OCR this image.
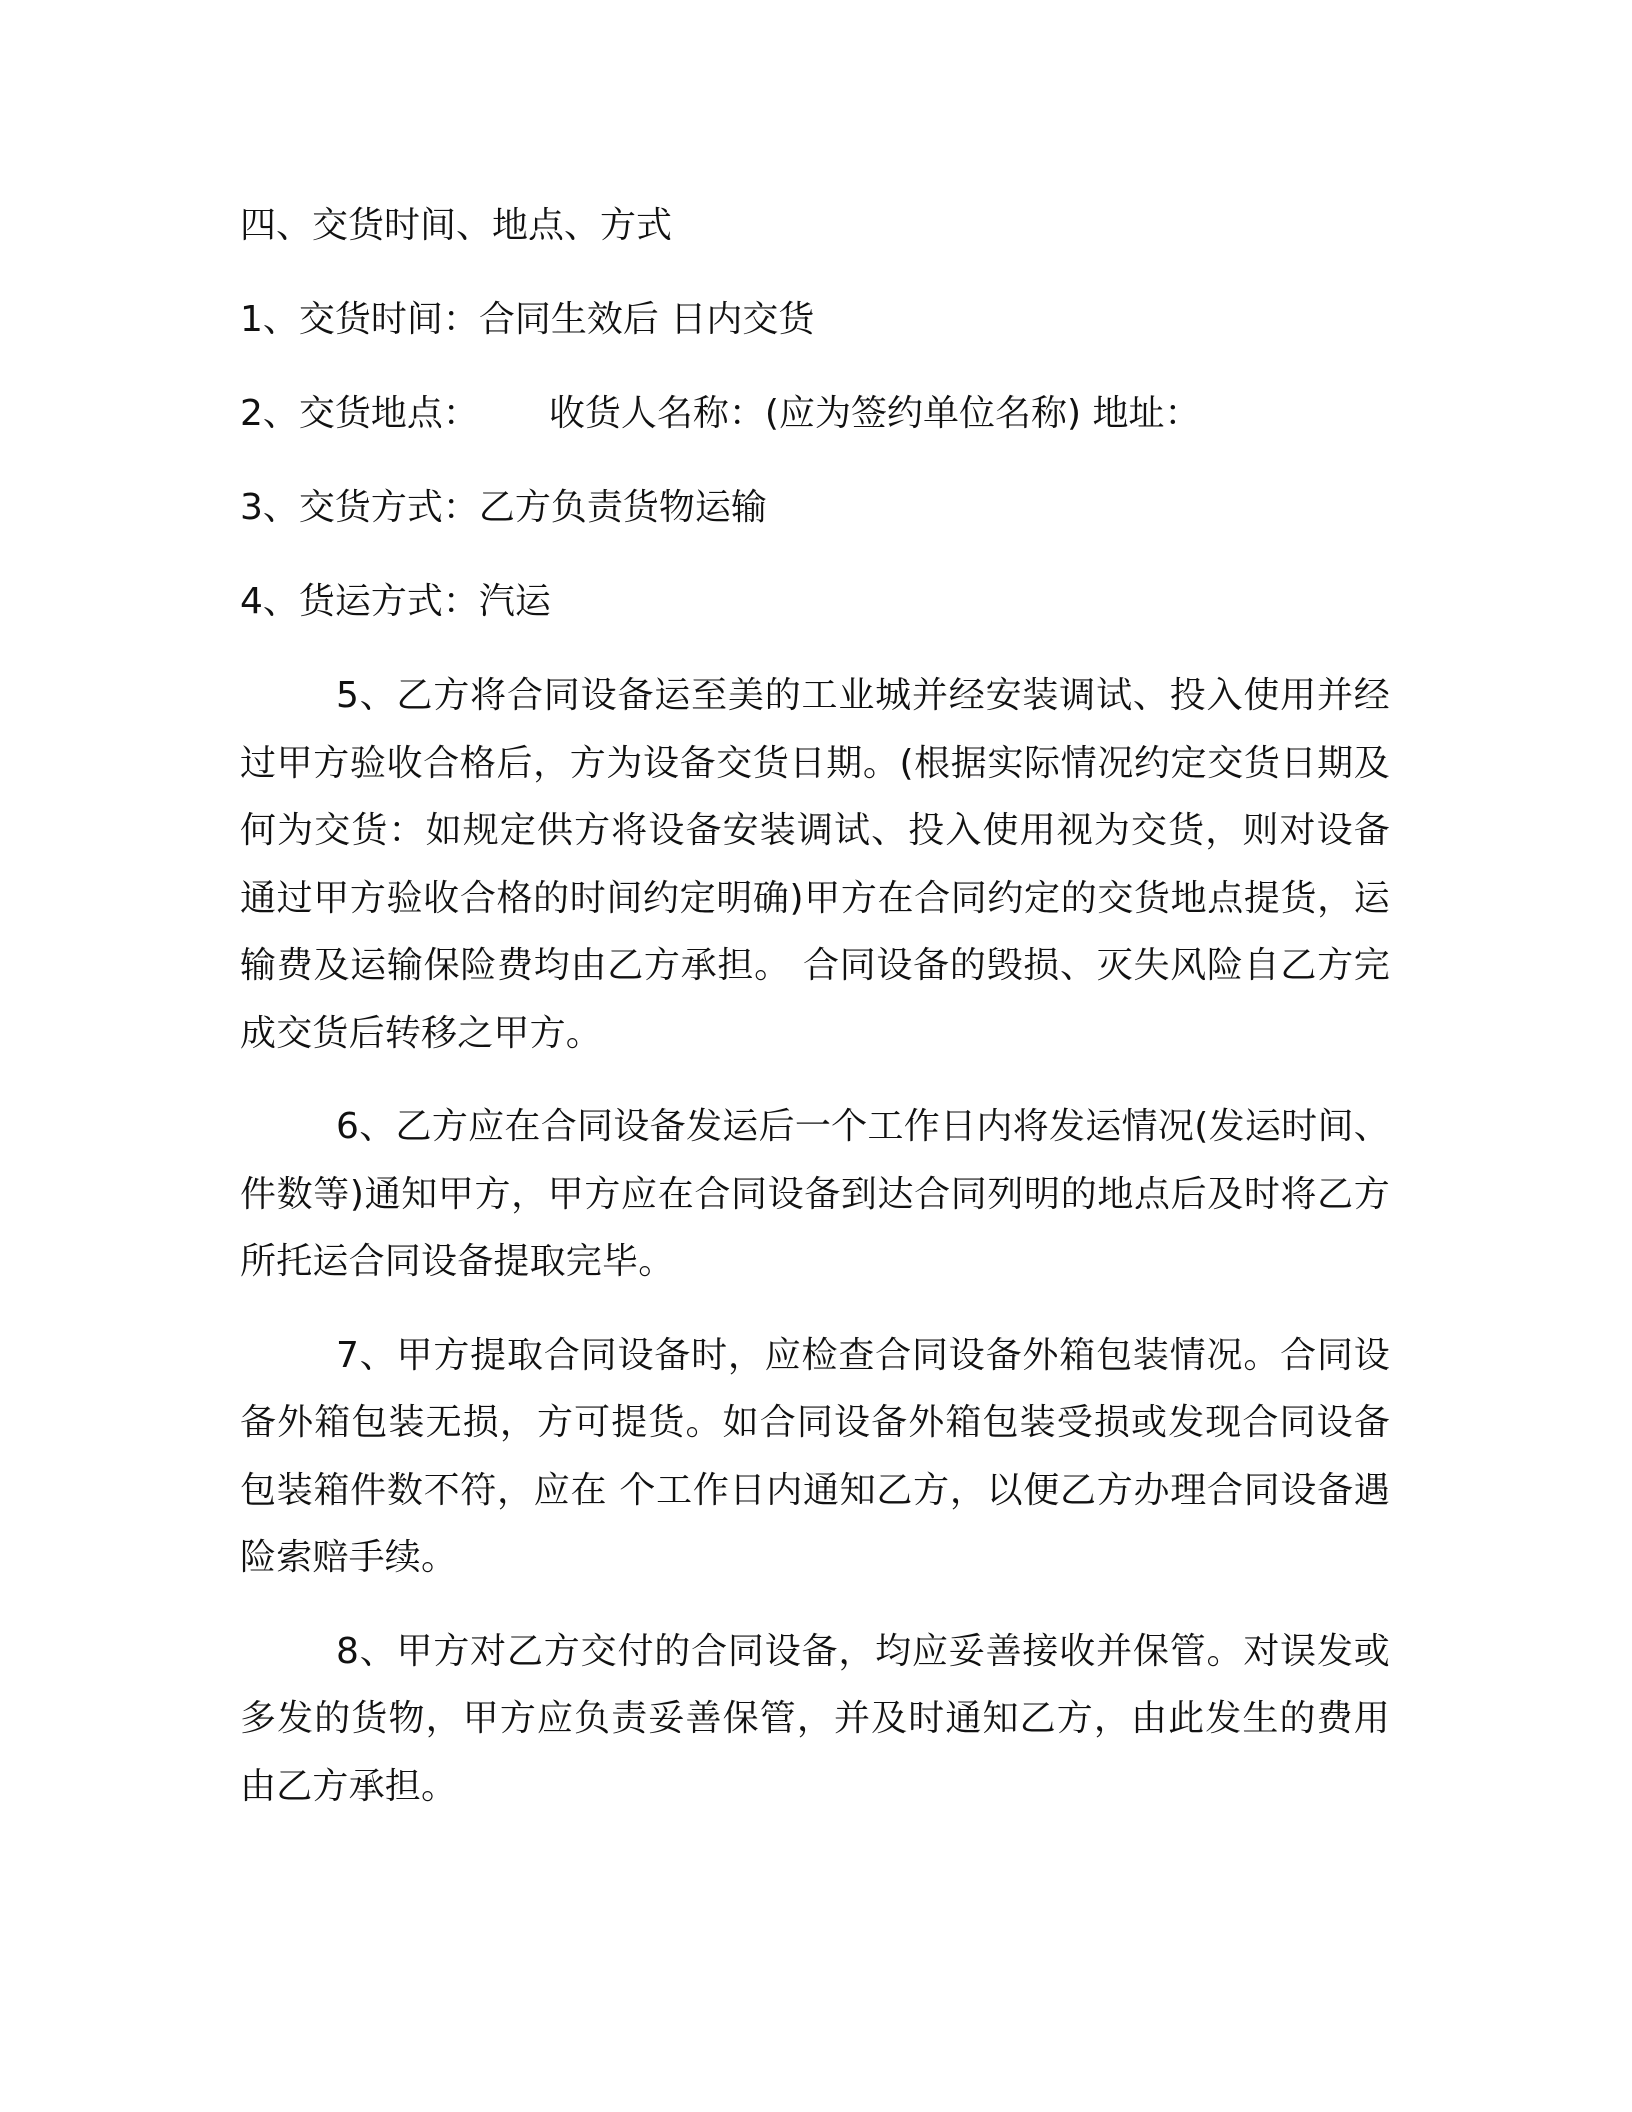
四、交货时间、地点、方式

1、交货时间：合同生效后 日内交货

2、交货地点： 收货人名称：(应为签约单位名称) 地址：

3、交货方式：乙方负责货物运输

4、货运方式：汽运

5、乙方将合同设备运至美的工业城并经安装调试、投入使用并经过甲方验收合格后，方为设备交货日期。(根据实际情况约定交货日期及何为交货：如规定供方将设备安装调试、投入使用视为交货，则对设备通过甲方验收合格的时间约定明确)甲方在合同约定的交货地点提货，运输费及运输保险费均由乙方承担。 合同设备的毁损、灭失风险自乙方完成交货后转移之甲方。

6、乙方应在合同设备发运后一个工作日内将发运情况(发运时间、件数等)通知甲方，甲方应在合同设备到达合同列明的地点后及时将乙方所托运合同设备提取完毕。

7、甲方提取合同设备时，应检查合同设备外箱包装情况。合同设备外箱包装无损，方可提货。如合同设备外箱包装受损或发现合同设备包装箱件数不符，应在 个工作日内通知乙方，以便乙方办理合同设备遇险索赔手续。

8、甲方对乙方交付的合同设备，均应妥善接收并保管。对误发或多发的货物，甲方应负责妥善保管，并及时通知乙方，由此发生的费用由乙方承担。
